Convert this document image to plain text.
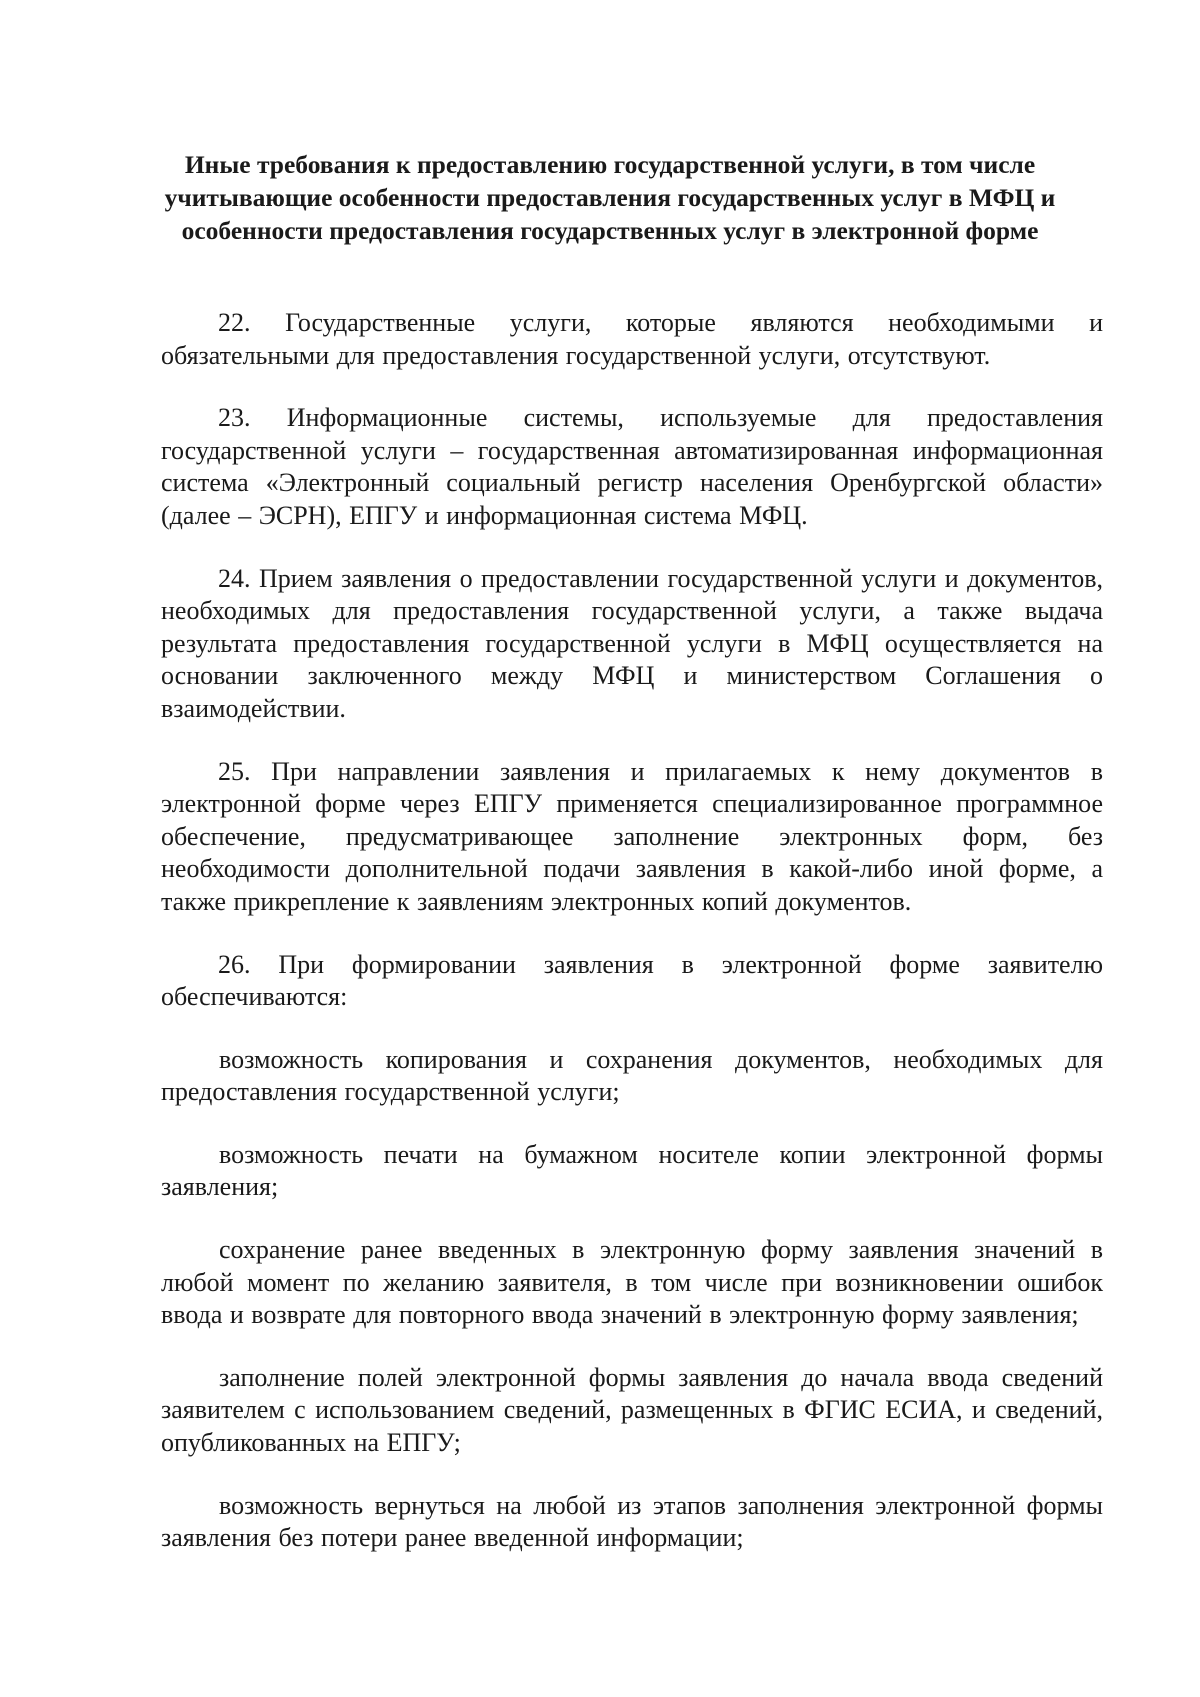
Иные требования к предоставлению государственной услуги, в том числе учитывающие особенности предоставления государственных услуг в МФЦ и особенности предоставления государственных услуг в электронной форме

22. Государственные услуги, которые являются необходимыми и обязательными для предоставления государственной услуги, отсутствуют.

23. Информационные системы, используемые для предоставления государственной услуги – государственная автоматизированная информационная система «Электронный социальный регистр населения Оренбургской области» (далее – ЭСРН), ЕПГУ и информационная система МФЦ.

24. Прием заявления о предоставлении государственной услуги и документов, необходимых для предоставления государственной услуги, а также выдача результата предоставления государственной услуги в МФЦ осуществляется на основании заключенного между МФЦ и министерством Соглашения о взаимодействии.

25. При направлении заявления и прилагаемых к нему документов в электронной форме через ЕПГУ применяется специализированное программное обеспечение, предусматривающее заполнение электронных форм, без необходимости дополнительной подачи заявления в какой-либо иной форме, а также прикрепление к заявлениям электронных копий документов.

26. При формировании заявления в электронной форме заявителю обеспечиваются:

возможность копирования и сохранения документов, необходимых для предоставления государственной услуги;

возможность печати на бумажном носителе копии электронной формы заявления;

сохранение ранее введенных в электронную форму заявления значений в любой момент по желанию заявителя, в том числе при возникновении ошибок ввода и возврате для повторного ввода значений в электронную форму заявления;

заполнение полей электронной формы заявления до начала ввода сведений заявителем с использованием сведений, размещенных в ФГИС ЕСИА, и сведений, опубликованных на ЕПГУ;

возможность вернуться на любой из этапов заполнения электронной формы заявления без потери ранее введенной информации;
